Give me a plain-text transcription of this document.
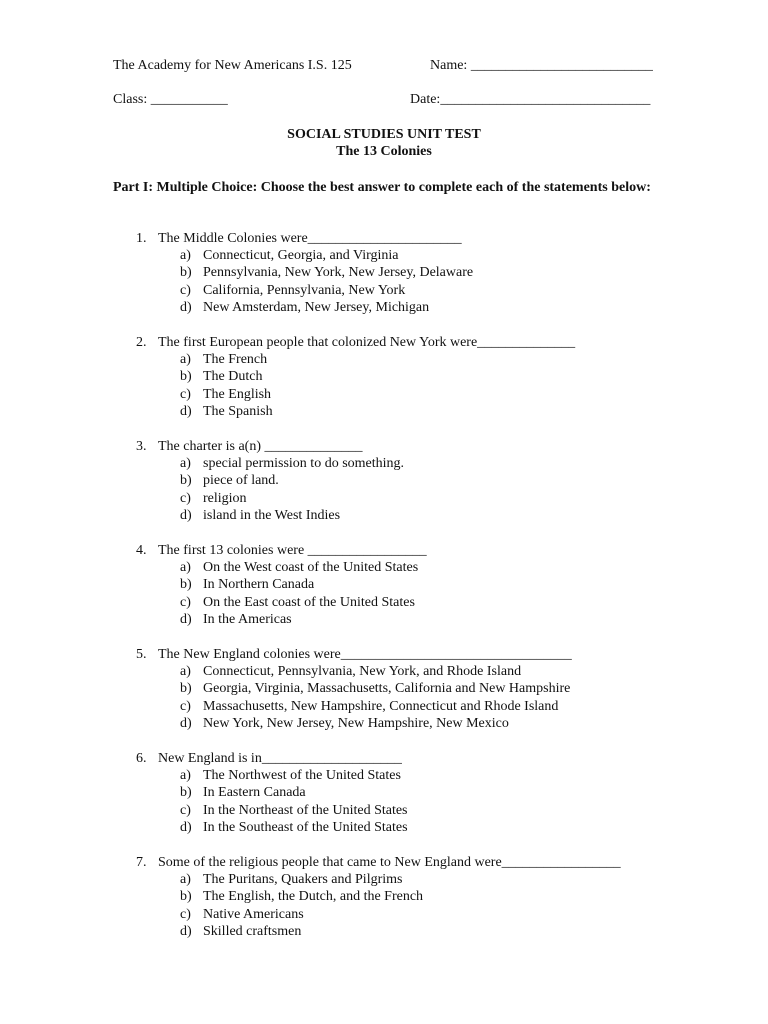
The Academy for New Americans I.S. 125	Name: __________________________
Class: ___________	Date:______________________________
SOCIAL STUDIES UNIT TEST
The 13 Colonies
Part I: Multiple Choice: Choose the best answer to complete each of the statements below:
1. The Middle Colonies were______________________
a) Connecticut, Georgia, and Virginia
b) Pennsylvania, New York, New Jersey, Delaware
c) California, Pennsylvania, New York
d) New Amsterdam, New Jersey, Michigan
2. The first European people that colonized New York were______________
a) The French
b) The Dutch
c) The English
d) The Spanish
3. The charter is a(n) ______________
a) special permission to do something.
b) piece of land.
c) religion
d) island in the West Indies
4. The first 13 colonies were _________________
a) On the West coast of the United States
b) In Northern Canada
c) On the East coast of the United States
d) In the Americas
5. The New England colonies were_________________________________
a) Connecticut, Pennsylvania, New York, and Rhode Island
b) Georgia, Virginia, Massachusetts, California and New Hampshire
c) Massachusetts, New Hampshire, Connecticut and Rhode Island
d) New York, New Jersey, New Hampshire, New Mexico
6. New England is in____________________
a) The Northwest of the United States
b) In Eastern Canada
c) In the Northeast of the United States
d) In the Southeast of the United States
7. Some of the religious people that came to New England were_________________
a) The Puritans, Quakers and Pilgrims
b) The English, the Dutch, and the French
c) Native Americans
d) Skilled craftsmen
